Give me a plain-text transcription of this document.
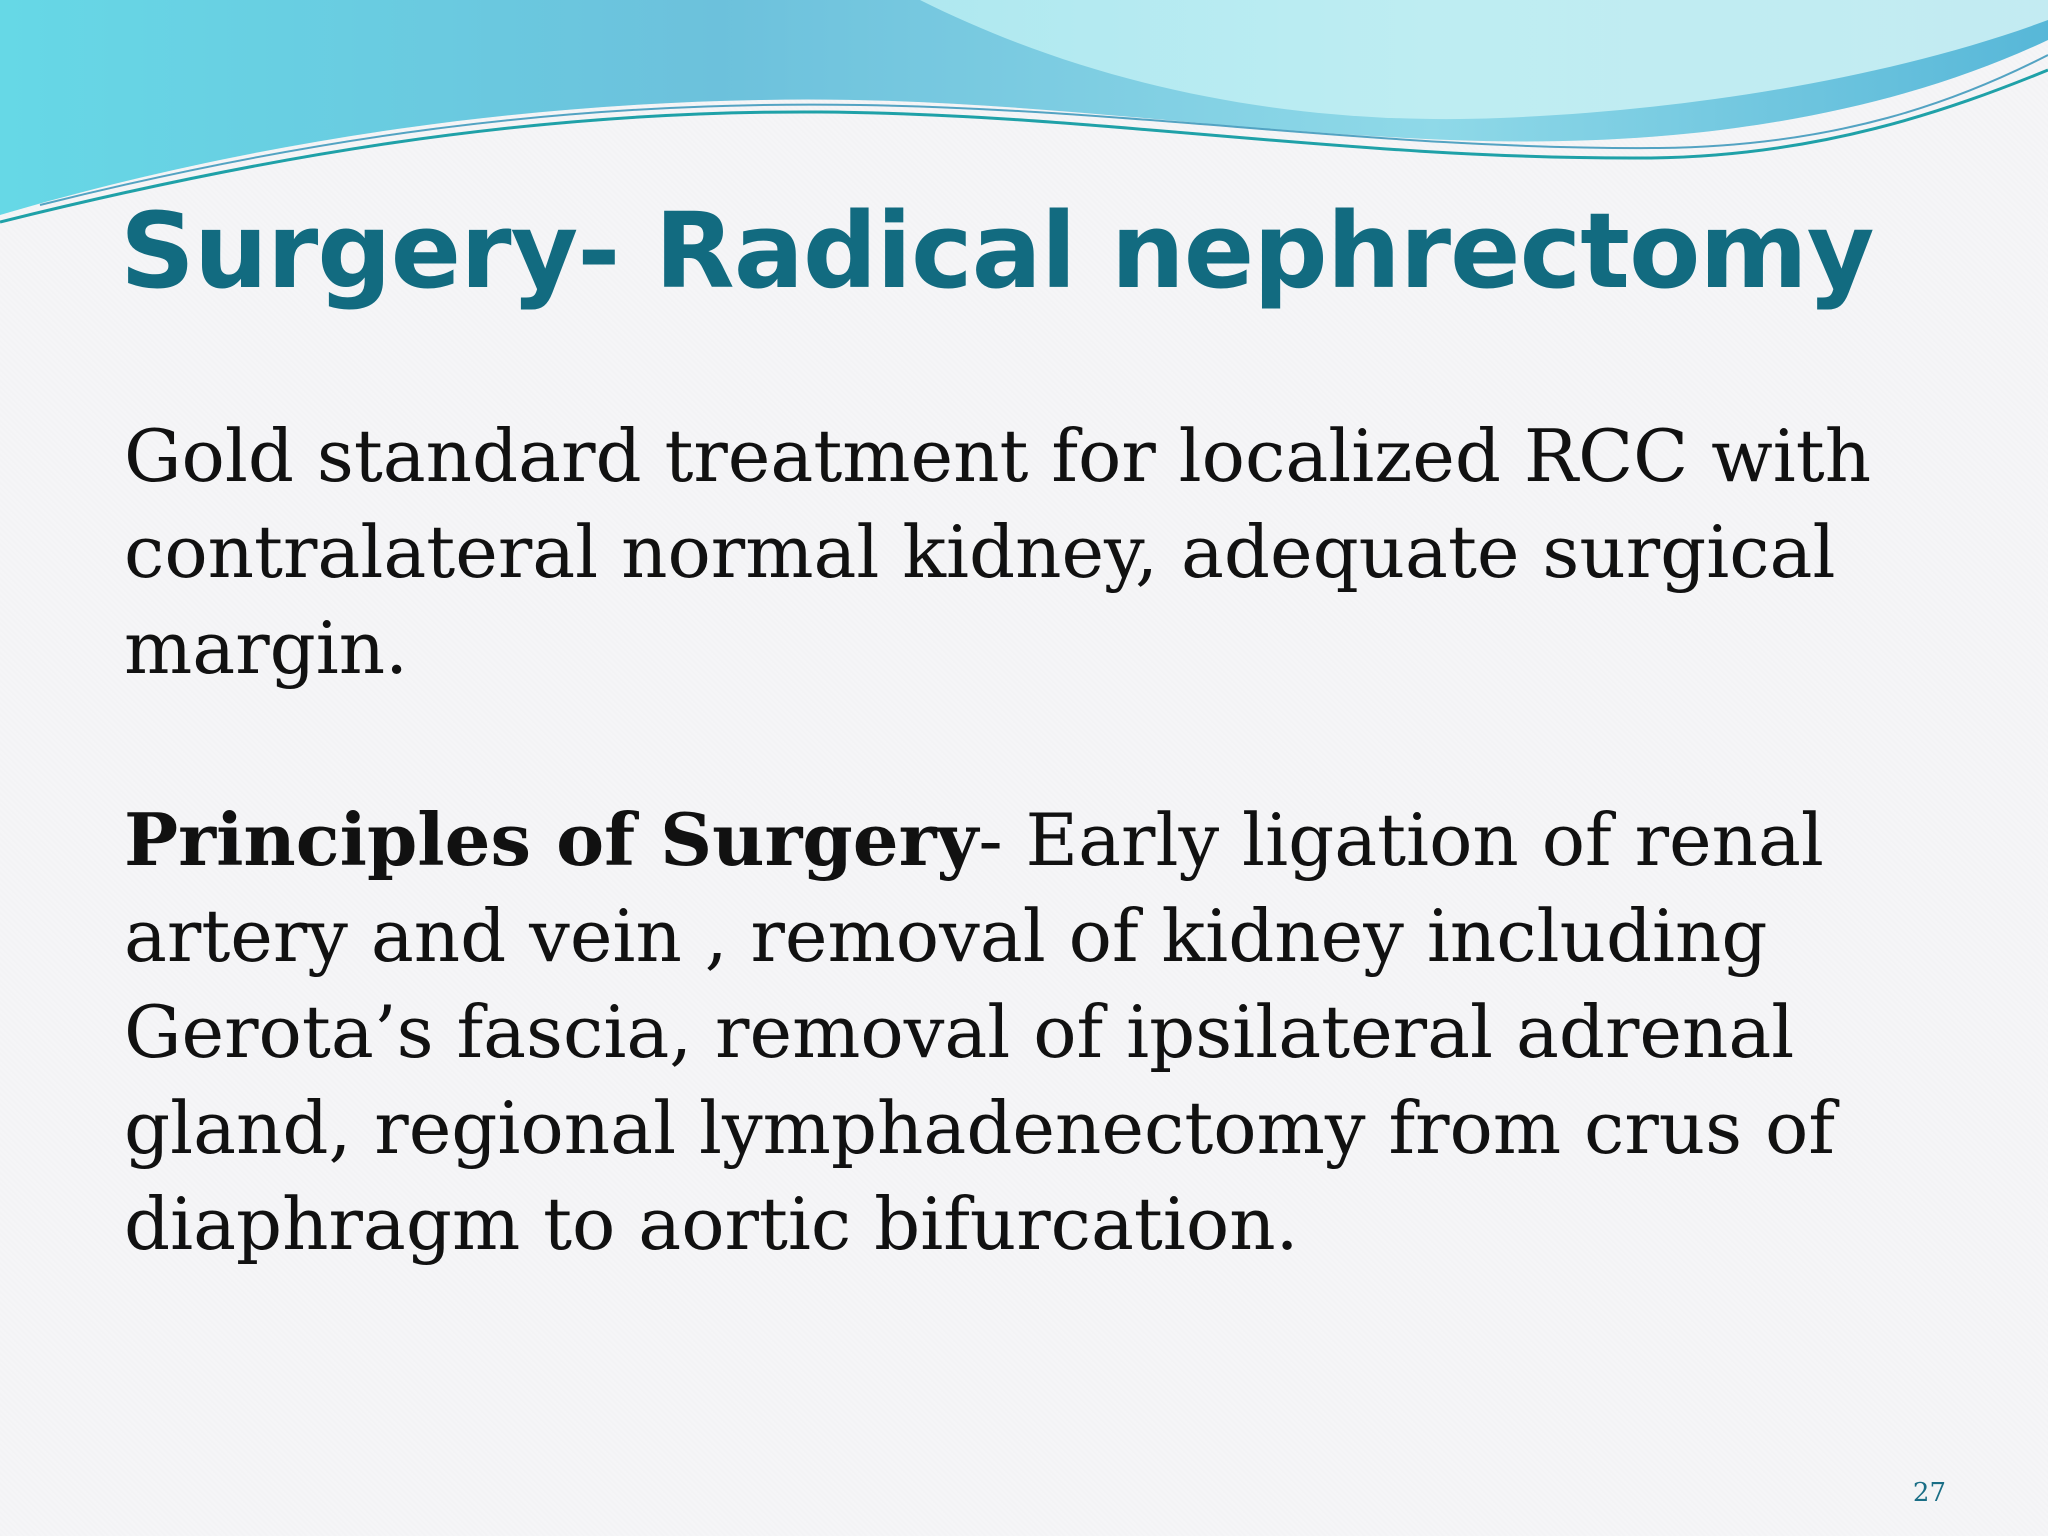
Surgery- Radical nephrectomy

Gold standard treatment for localized RCC with contralateral normal kidney, adequate surgical margin.

Principles of Surgery- Early ligation of renal artery and vein , removal of kidney including Gerota’s fascia, removal of ipsilateral adrenal gland, regional lymphadenectomy from crus of diaphragm to aortic bifurcation.

27
